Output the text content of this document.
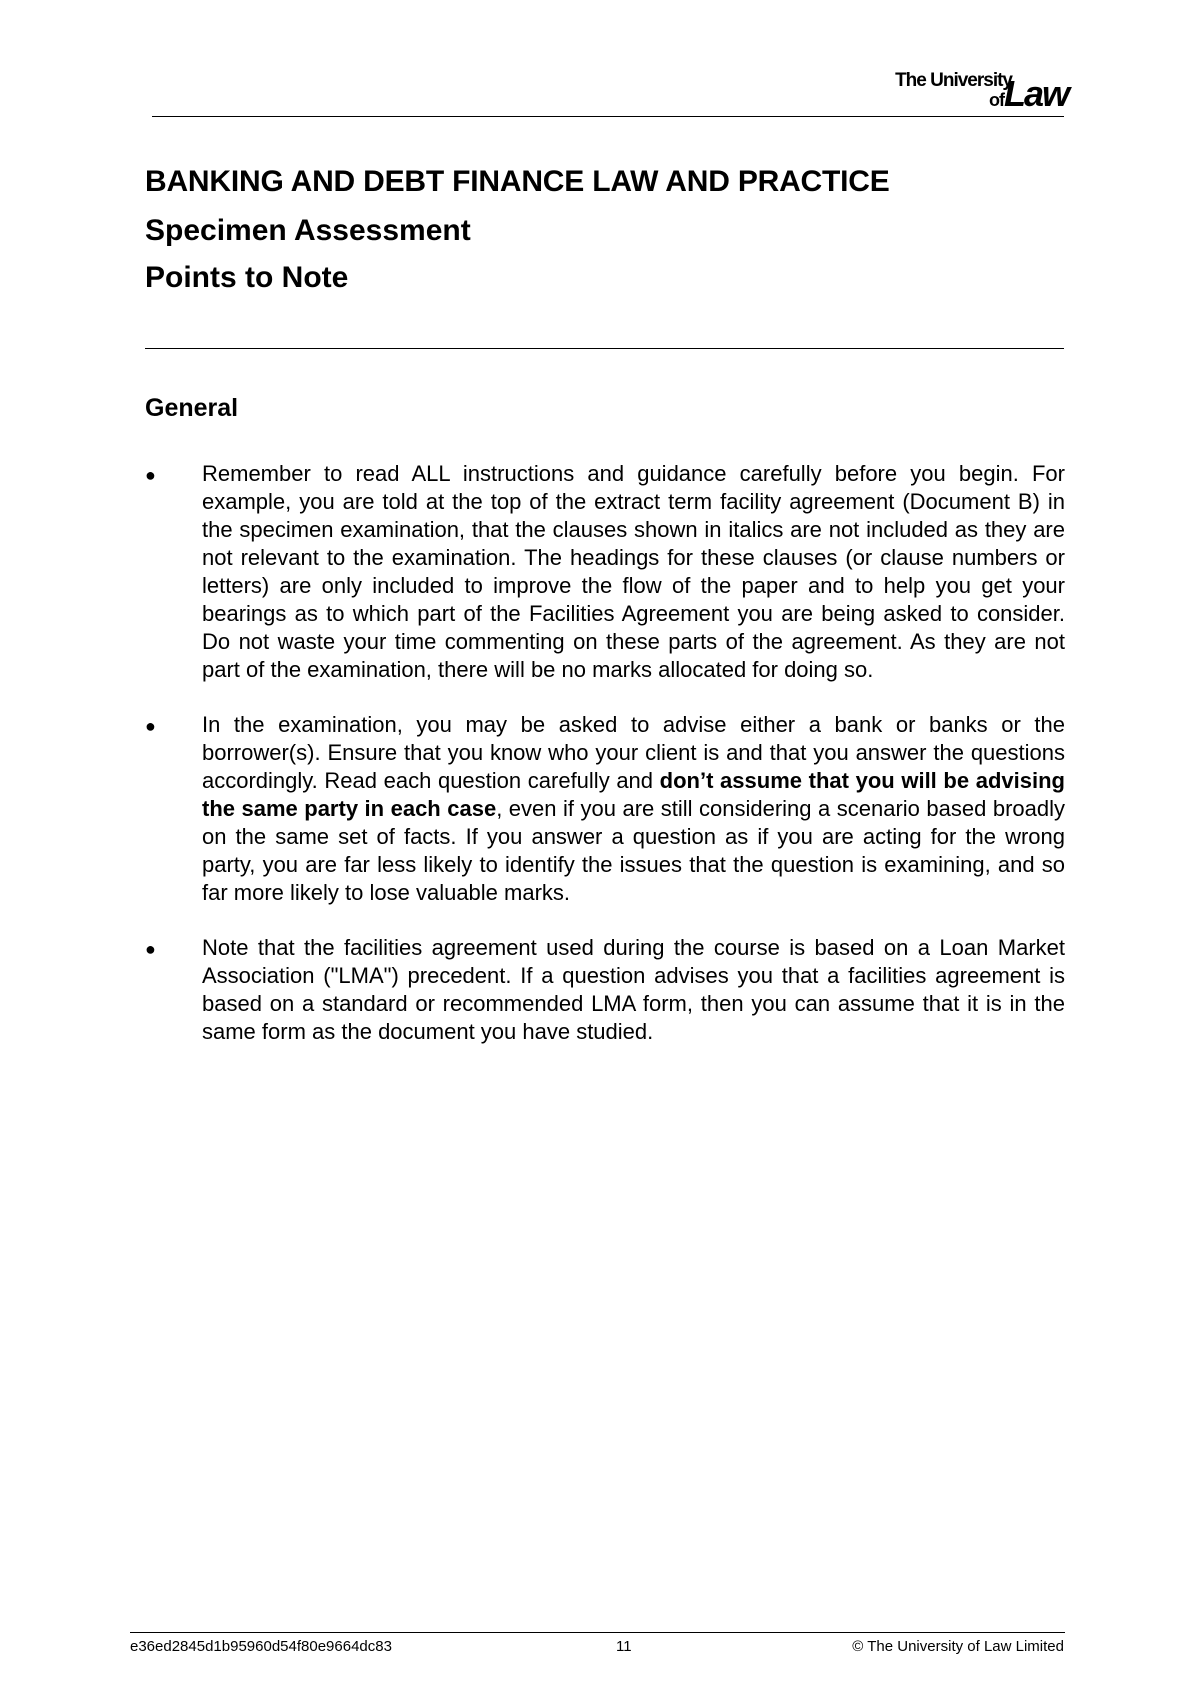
The University
of Law
BANKING AND DEBT FINANCE LAW AND PRACTICE
Specimen Assessment
Points to Note
General
● Remember to read ALL instructions and guidance carefully before you begin. For example, you are told at the top of the extract term facility agreement (Document B) in the specimen examination, that the clauses shown in italics are not included as they are not relevant to the examination. The headings for these clauses (or clause numbers or letters) are only included to improve the flow of the paper and to help you get your bearings as to which part of the Facilities Agreement you are being asked to consider. Do not waste your time commenting on these parts of the agreement. As they are not part of the examination, there will be no marks allocated for doing so.
● In the examination, you may be asked to advise either a bank or banks or the borrower(s). Ensure that you know who your client is and that you answer the questions accordingly. Read each question carefully and don’t assume that you will be advising the same party in each case, even if you are still considering a scenario based broadly on the same set of facts. If you answer a question as if you are acting for the wrong party, you are far less likely to identify the issues that the question is examining, and so far more likely to lose valuable marks.
● Note that the facilities agreement used during the course is based on a Loan Market Association ("LMA") precedent. If a question advises you that a facilities agreement is based on a standard or recommended LMA form, then you can assume that it is in the same form as the document you have studied.
e36ed2845d1b95960d54f80e9664dc83	11	© The University of Law Limited
